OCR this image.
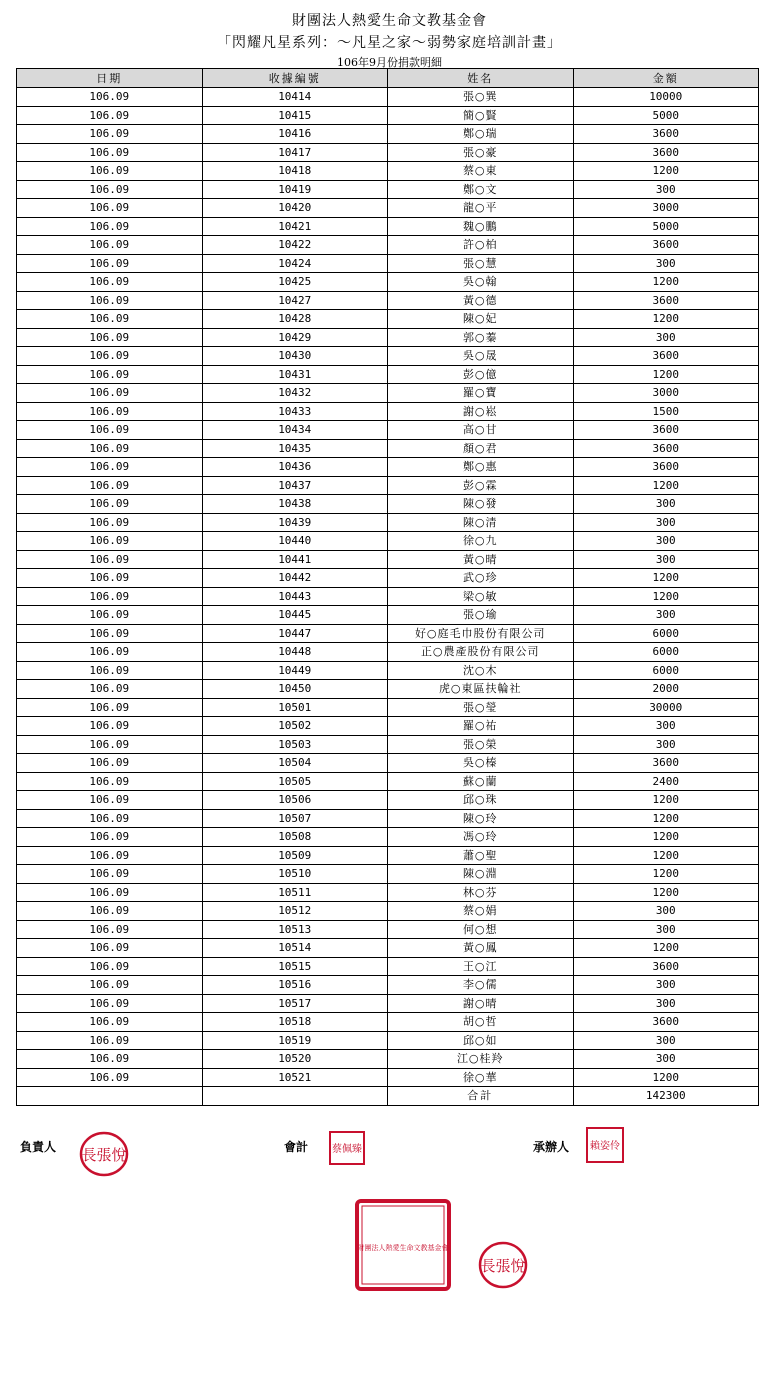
財團法人熱愛生命文教基金會
「閃耀凡星系列：～凡星之家～弱勢家庭培訓計畫」
106年9月份捐款明細
日期	收據編號	姓名	金額
106.09	10414	張○巽	10000
106.09	10415	簡○賢	5000
106.09	10416	鄭○瑞	3600
106.09	10417	張○豪	3600
106.09	10418	蔡○東	1200
106.09	10419	鄭○文	300
106.09	10420	龍○平	3000
106.09	10421	魏○鵬	5000
106.09	10422	許○柏	3600
106.09	10424	張○慧	300
106.09	10425	吳○翰	1200
106.09	10427	黃○德	3600
106.09	10428	陳○妃	1200
106.09	10429	郭○蓁	300
106.09	10430	吳○晟	3600
106.09	10431	彭○億	1200
106.09	10432	羅○寶	3000
106.09	10433	謝○崧	1500
106.09	10434	高○甘	3600
106.09	10435	顏○君	3600
106.09	10436	鄭○惠	3600
106.09	10437	彭○霖	1200
106.09	10438	陳○發	300
106.09	10439	陳○清	300
106.09	10440	徐○九	300
106.09	10441	黃○晴	300
106.09	10442	武○珍	1200
106.09	10443	梁○敏	1200
106.09	10445	張○瑜	300
106.09	10447	好○庭毛巾股份有限公司	6000
106.09	10448	正○農產股份有限公司	6000
106.09	10449	沈○木	6000
106.09	10450	虎○東區扶輪社	2000
106.09	10501	張○瑩	30000
106.09	10502	羅○祐	300
106.09	10503	張○榮	300
106.09	10504	吳○榛	3600
106.09	10505	蘇○蘭	2400
106.09	10506	邱○珠	1200
106.09	10507	陳○玲	1200
106.09	10508	馮○玲	1200
106.09	10509	蕭○聖	1200
106.09	10510	陳○淵	1200
106.09	10511	林○芬	1200
106.09	10512	蔡○娟	300
106.09	10513	何○想	300
106.09	10514	黃○鳳	1200
106.09	10515	王○江	3600
106.09	10516	李○儒	300
106.09	10517	謝○晴	300
106.09	10518	胡○哲	3600
106.09	10519	邱○如	300
106.09	10520	江○桂羚	300
106.09	10521	徐○華	1200
		合計	142300
負責人	會計	承辦人
長張悅	蔡佩臻	賴姿伶
財團法人熱愛生命文教基金會
長張悅
